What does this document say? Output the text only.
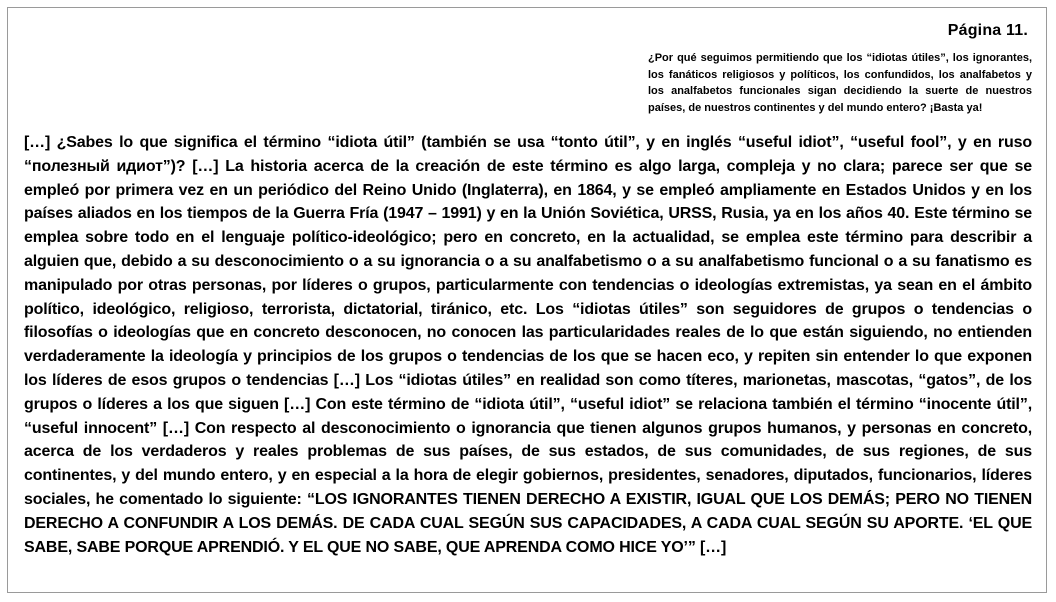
Página 11.
¿Por qué seguimos permitiendo que los “idiotas útiles”, los ignorantes, los fanáticos religiosos y políticos, los confundidos, los analfabetos y los analfabetos funcionales sigan decidiendo la suerte de nuestros países, de nuestros continentes y del mundo entero? ¡Basta ya!

[…] ¿Sabes lo que significa el término “idiota útil” (también se usa “tonto útil”, y en inglés “useful idiot”, “useful fool”, y en ruso “полезный идиот”)? […] La historia acerca de la creación de este término es algo larga, compleja y no clara; parece ser que se empleó por primera vez en un periódico del Reino Unido (Inglaterra), en 1864, y se empleó ampliamente en Estados Unidos y en los países aliados en los tiempos de la Guerra Fría (1947 – 1991) y en la Unión Soviética, URSS, Rusia, ya en los años 40. Este término se emplea sobre todo en el lenguaje político-ideológico; pero en concreto, en la actualidad, se emplea este término para describir a alguien que, debido a su desconocimiento o a su ignorancia o a su analfabetismo o a su analfabetismo funcional o a su fanatismo es manipulado por otras personas, por líderes o grupos, particularmente con tendencias o ideologías extremistas, ya sean en el ámbito político, ideológico, religioso, terrorista, dictatorial, tiránico, etc. Los “idiotas útiles” son seguidores de grupos o tendencias o filosofías o ideologías que en concreto desconocen, no conocen las particularidades reales de lo que están siguiendo, no entienden verdaderamente la ideología y principios de los grupos o tendencias de los que se hacen eco, y repiten sin entender lo que exponen los líderes de esos grupos o tendencias […] Los “idiotas útiles” en realidad son como títeres, marionetas, mascotas, “gatos”, de los grupos o líderes a los que siguen […] Con este término de “idiota útil”, “useful idiot” se relaciona también el término “inocente útil”, “useful innocent” […] Con respecto al desconocimiento o ignorancia que tienen algunos grupos humanos, y personas en concreto, acerca de los verdaderos y reales problemas de sus países, de sus estados, de sus comunidades, de sus regiones, de sus continentes, y del mundo entero, y en especial a la hora de elegir gobiernos, presidentes, senadores, diputados, funcionarios, líderes sociales, he comentado lo siguiente: “LOS IGNORANTES TIENEN DERECHO A EXISTIR, IGUAL QUE LOS DEMÁS; PERO NO TIENEN DERECHO A CONFUNDIR A LOS DEMÁS. DE CADA CUAL SEGÚN SUS CAPACIDADES, A CADA CUAL SEGÚN SU APORTE. ‘EL QUE SABE, SABE PORQUE APRENDIÓ. Y EL QUE NO SABE, QUE APRENDA COMO HICE YO’” […]
